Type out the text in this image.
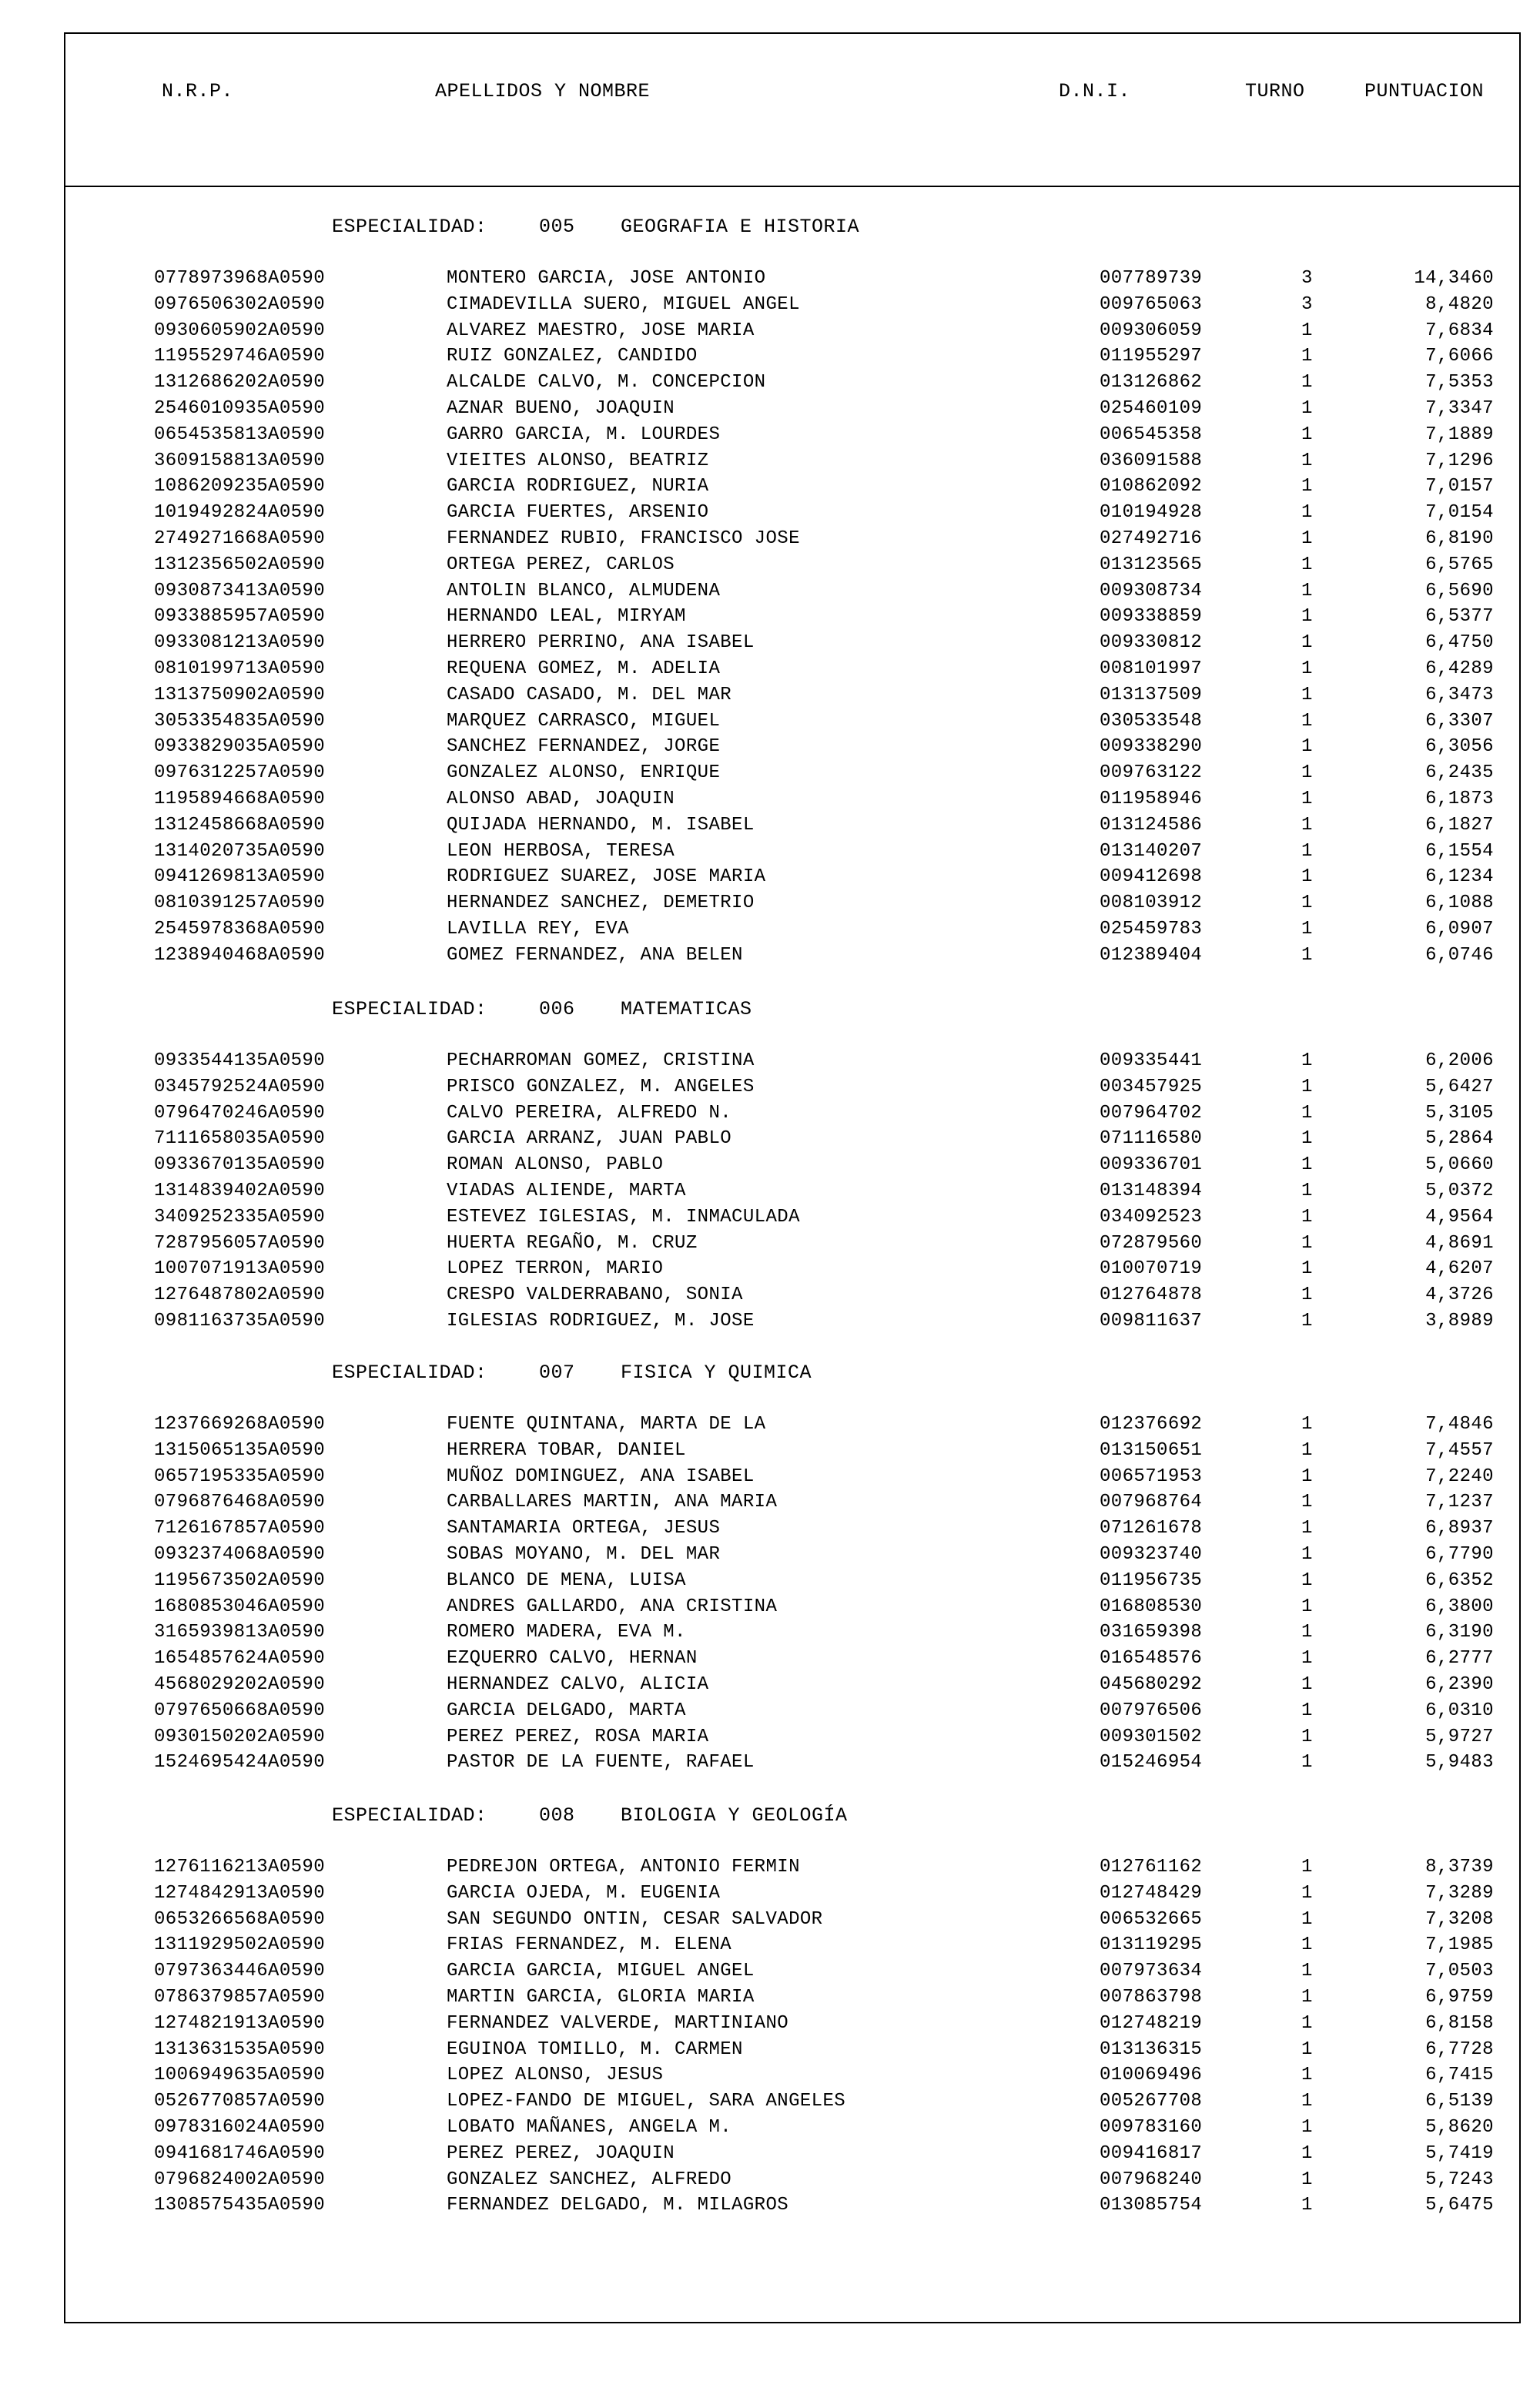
N.R.P.	APELLIDOS Y NOMBRE	D.N.I.	TURNO	PUNTUACION
ESPECIALIDAD:	005 GEOGRAFIA E HISTORIA
0778973968A0590	MONTERO GARCIA, JOSE ANTONIO	007789739	3	14,3460
0976506302A0590	CIMADEVILLA SUERO, MIGUEL ANGEL	009765063	3	8,4820
0930605902A0590	ALVAREZ MAESTRO, JOSE MARIA	009306059	1	7,6834
1195529746A0590	RUIZ GONZALEZ, CANDIDO	011955297	1	7,6066
1312686202A0590	ALCALDE CALVO, M. CONCEPCION	013126862	1	7,5353
2546010935A0590	AZNAR BUENO, JOAQUIN	025460109	1	7,3347
0654535813A0590	GARRO GARCIA, M. LOURDES	006545358	1	7,1889
3609158813A0590	VIEITES ALONSO, BEATRIZ	036091588	1	7,1296
1086209235A0590	GARCIA RODRIGUEZ, NURIA	010862092	1	7,0157
1019492824A0590	GARCIA FUERTES, ARSENIO	010194928	1	7,0154
2749271668A0590	FERNANDEZ RUBIO, FRANCISCO JOSE	027492716	1	6,8190
1312356502A0590	ORTEGA PEREZ, CARLOS	013123565	1	6,5765
0930873413A0590	ANTOLIN BLANCO, ALMUDENA	009308734	1	6,5690
0933885957A0590	HERNANDO LEAL, MIRYAM	009338859	1	6,5377
0933081213A0590	HERRERO PERRINO, ANA ISABEL	009330812	1	6,4750
0810199713A0590	REQUENA GOMEZ, M. ADELIA	008101997	1	6,4289
1313750902A0590	CASADO CASADO, M. DEL MAR	013137509	1	6,3473
3053354835A0590	MARQUEZ CARRASCO, MIGUEL	030533548	1	6,3307
0933829035A0590	SANCHEZ FERNANDEZ, JORGE	009338290	1	6,3056
0976312257A0590	GONZALEZ ALONSO, ENRIQUE	009763122	1	6,2435
1195894668A0590	ALONSO ABAD, JOAQUIN	011958946	1	6,1873
1312458668A0590	QUIJADA HERNANDO, M. ISABEL	013124586	1	6,1827
1314020735A0590	LEON HERBOSA, TERESA	013140207	1	6,1554
0941269813A0590	RODRIGUEZ SUAREZ, JOSE MARIA	009412698	1	6,1234
0810391257A0590	HERNANDEZ SANCHEZ, DEMETRIO	008103912	1	6,1088
2545978368A0590	LAVILLA REY, EVA	025459783	1	6,0907
1238940468A0590	GOMEZ FERNANDEZ, ANA BELEN	012389404	1	6,0746
ESPECIALIDAD:	006 MATEMATICAS
0933544135A0590	PECHARROMAN GOMEZ, CRISTINA	009335441	1	6,2006
0345792524A0590	PRISCO GONZALEZ, M. ANGELES	003457925	1	5,6427
0796470246A0590	CALVO PEREIRA, ALFREDO N.	007964702	1	5,3105
7111658035A0590	GARCIA ARRANZ, JUAN PABLO	071116580	1	5,2864
0933670135A0590	ROMAN ALONSO, PABLO	009336701	1	5,0660
1314839402A0590	VIADAS ALIENDE, MARTA	013148394	1	5,0372
3409252335A0590	ESTEVEZ IGLESIAS, M. INMACULADA	034092523	1	4,9564
7287956057A0590	HUERTA REGAÑO, M. CRUZ	072879560	1	4,8691
1007071913A0590	LOPEZ TERRON, MARIO	010070719	1	4,6207
1276487802A0590	CRESPO VALDERRABANO, SONIA	012764878	1	4,3726
0981163735A0590	IGLESIAS RODRIGUEZ, M. JOSE	009811637	1	3,8989
ESPECIALIDAD:	007 FISICA Y QUIMICA
1237669268A0590	FUENTE QUINTANA, MARTA DE LA	012376692	1	7,4846
1315065135A0590	HERRERA TOBAR, DANIEL	013150651	1	7,4557
0657195335A0590	MUÑOZ DOMINGUEZ, ANA ISABEL	006571953	1	7,2240
0796876468A0590	CARBALLARES MARTIN, ANA MARIA	007968764	1	7,1237
7126167857A0590	SANTAMARIA ORTEGA, JESUS	071261678	1	6,8937
0932374068A0590	SOBAS MOYANO, M. DEL MAR	009323740	1	6,7790
1195673502A0590	BLANCO DE MENA, LUISA	011956735	1	6,6352
1680853046A0590	ANDRES GALLARDO, ANA CRISTINA	016808530	1	6,3800
3165939813A0590	ROMERO MADERA, EVA M.	031659398	1	6,3190
1654857624A0590	EZQUERRO CALVO, HERNAN	016548576	1	6,2777
4568029202A0590	HERNANDEZ CALVO, ALICIA	045680292	1	6,2390
0797650668A0590	GARCIA DELGADO, MARTA	007976506	1	6,0310
0930150202A0590	PEREZ PEREZ, ROSA MARIA	009301502	1	5,9727
1524695424A0590	PASTOR DE LA FUENTE, RAFAEL	015246954	1	5,9483
ESPECIALIDAD:	008 BIOLOGIA Y GEOLOGÍA
1276116213A0590	PEDREJON ORTEGA, ANTONIO FERMIN	012761162	1	8,3739
1274842913A0590	GARCIA OJEDA, M. EUGENIA	012748429	1	7,3289
0653266568A0590	SAN SEGUNDO ONTIN, CESAR SALVADOR	006532665	1	7,3208
1311929502A0590	FRIAS FERNANDEZ, M. ELENA	013119295	1	7,1985
0797363446A0590	GARCIA GARCIA, MIGUEL ANGEL	007973634	1	7,0503
0786379857A0590	MARTIN GARCIA, GLORIA MARIA	007863798	1	6,9759
1274821913A0590	FERNANDEZ VALVERDE, MARTINIANO	012748219	1	6,8158
1313631535A0590	EGUINOA TOMILLO, M. CARMEN	013136315	1	6,7728
1006949635A0590	LOPEZ ALONSO, JESUS	010069496	1	6,7415
0526770857A0590	LOPEZ-FANDO DE MIGUEL, SARA ANGELES	005267708	1	6,5139
0978316024A0590	LOBATO MAÑANES, ANGELA M.	009783160	1	5,8620
0941681746A0590	PEREZ PEREZ, JOAQUIN	009416817	1	5,7419
0796824002A0590	GONZALEZ SANCHEZ, ALFREDO	007968240	1	5,7243
1308575435A0590	FERNANDEZ DELGADO, M. MILAGROS	013085754	1	5,6475
